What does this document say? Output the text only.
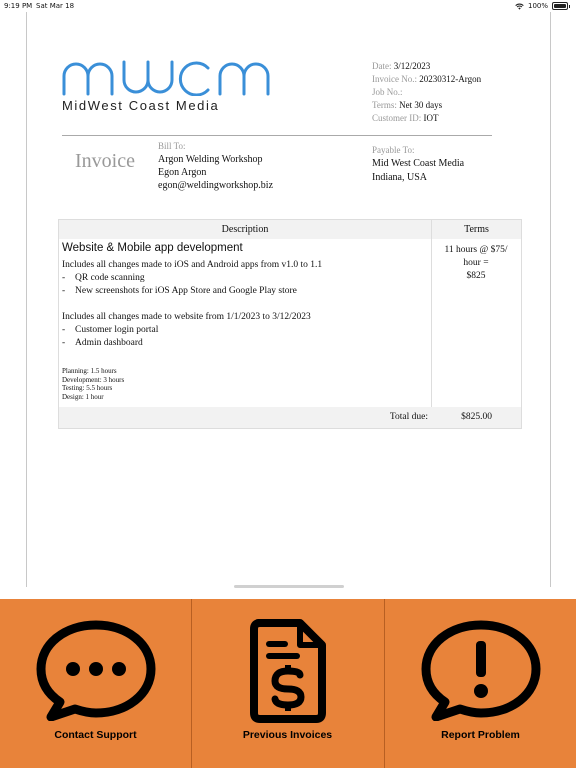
9:19 PM Sat Mar 18	100%
MidWest Coast Media
Date: 3/12/2023
Invoice No.: 20230312-Argon
Job No.:
Terms: Net 30 days
Customer ID: IOT
Invoice
Bill To:
Argon Welding Workshop
Egon Argon
egon@weldingworkshop.biz
Payable To:
Mid West Coast Media
Indiana, USA
Description	Terms
Website & Mobile app development
Includes all changes made to iOS and Android apps from v1.0 to 1.1
- QR code scanning
- New screenshots for iOS App Store and Google Play store
Includes all changes made to website from 1/1/2023 to 3/12/2023
- Customer login portal
- Admin dashboard
Planning: 1.5 hours
Development: 3 hours
Testing: 5.5 hours
Design: 1 hour
11 hours @ $75/
hour =
$825
Total due:	$825.00
Contact Support	Previous Invoices	Report Problem
